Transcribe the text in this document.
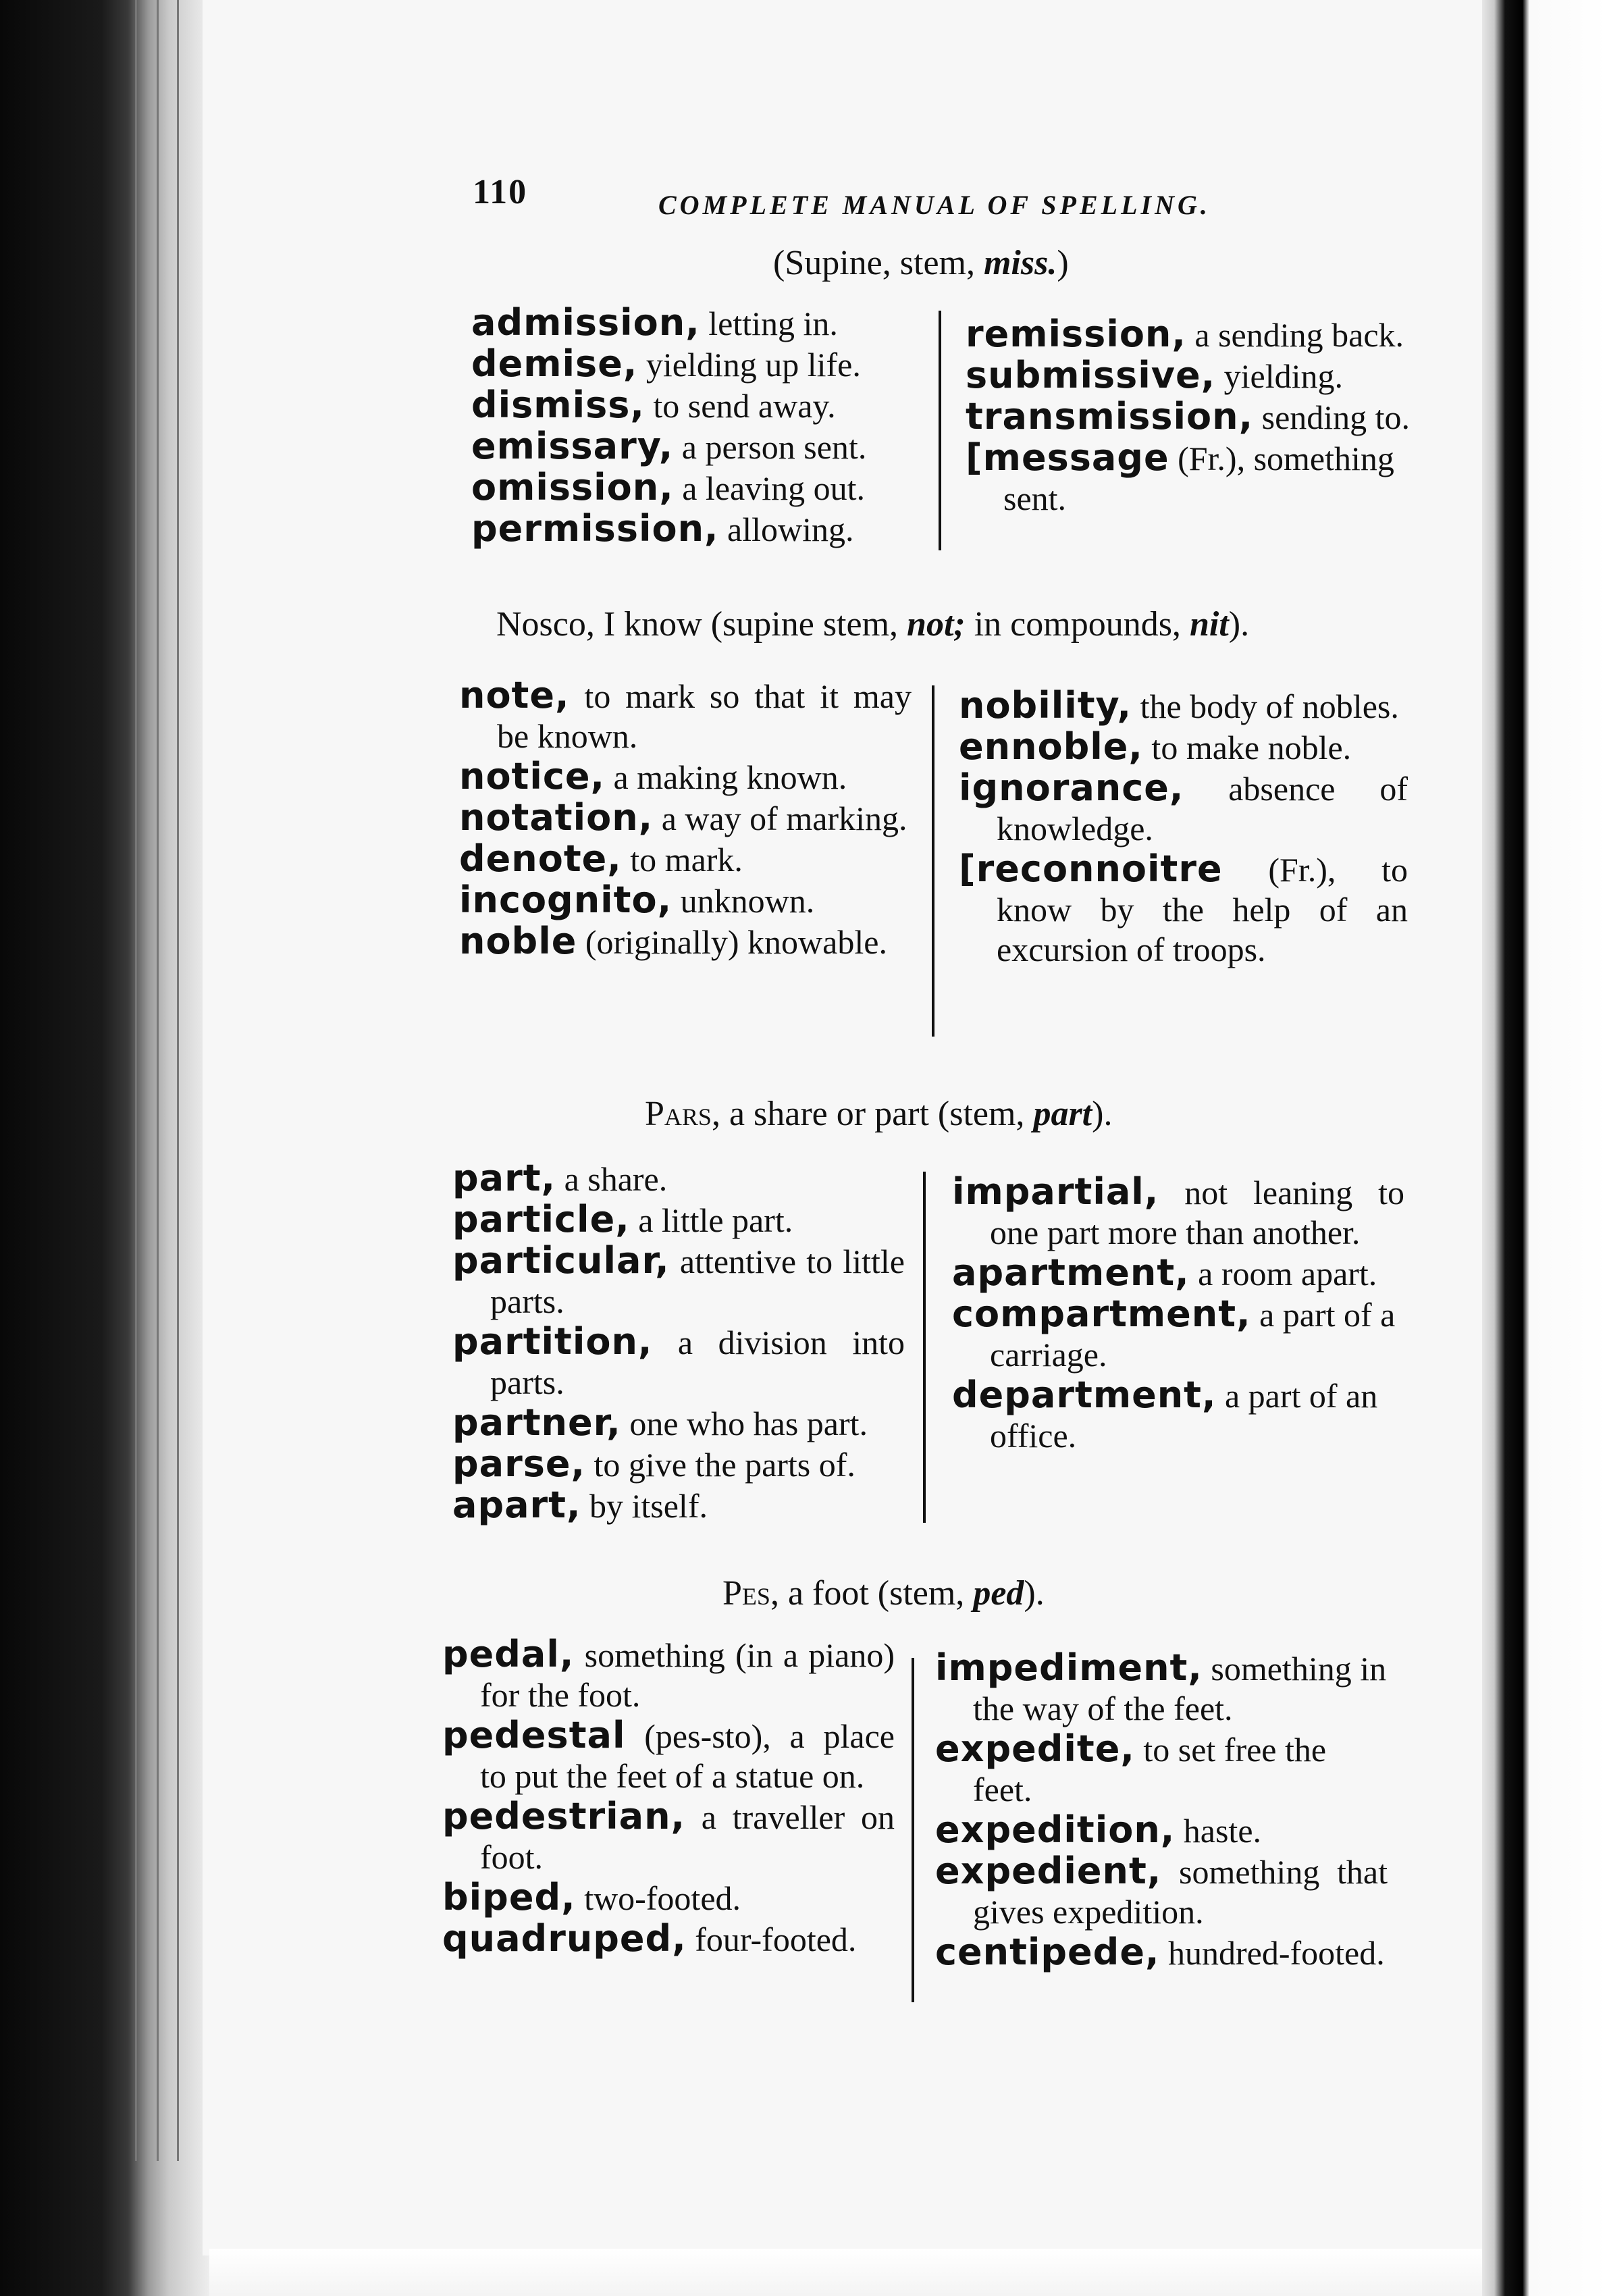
110	COMPLETE MANUAL OF SPELLING.
(Supine, stem, miss.)
admission, letting in.
demise, yielding up life.
dismiss, to send away.
emissary, a person sent.
omission, a leaving out.
permission, allowing.
remission, a sending back.
submissive, yielding.
transmission, sending to.
[message (Fr.), something sent.
Nosco, I know (supine stem, not; in compounds, nit).
note, to mark so that it may be known.
notice, a making known.
notation, a way of marking.
denote, to mark.
incognito, unknown.
noble (originally) knowable.
nobility, the body of nobles.
ennoble, to make noble.
ignorance, absence of knowledge.
[reconnoitre (Fr.), to know by the help of an excursion of troops.
Pars, a share or part (stem, part).
part, a share.
particle, a little part.
particular, attentive to little parts.
partition, a division into parts.
partner, one who has part.
parse, to give the parts of.
apart, by itself.
impartial, not leaning to one part more than another.
apartment, a room apart.
compartment, a part of a carriage.
department, a part of an office.
Pes, a foot (stem, ped).
pedal, something (in a piano) for the foot.
pedestal (pes-sto), a place to put the feet of a statue on.
pedestrian, a traveller on foot.
biped, two-footed.
quadruped, four-footed.
impediment, something in the way of the feet.
expedite, to set free the feet.
expedition, haste.
expedient, something that gives expedition.
centipede, hundred-footed.
